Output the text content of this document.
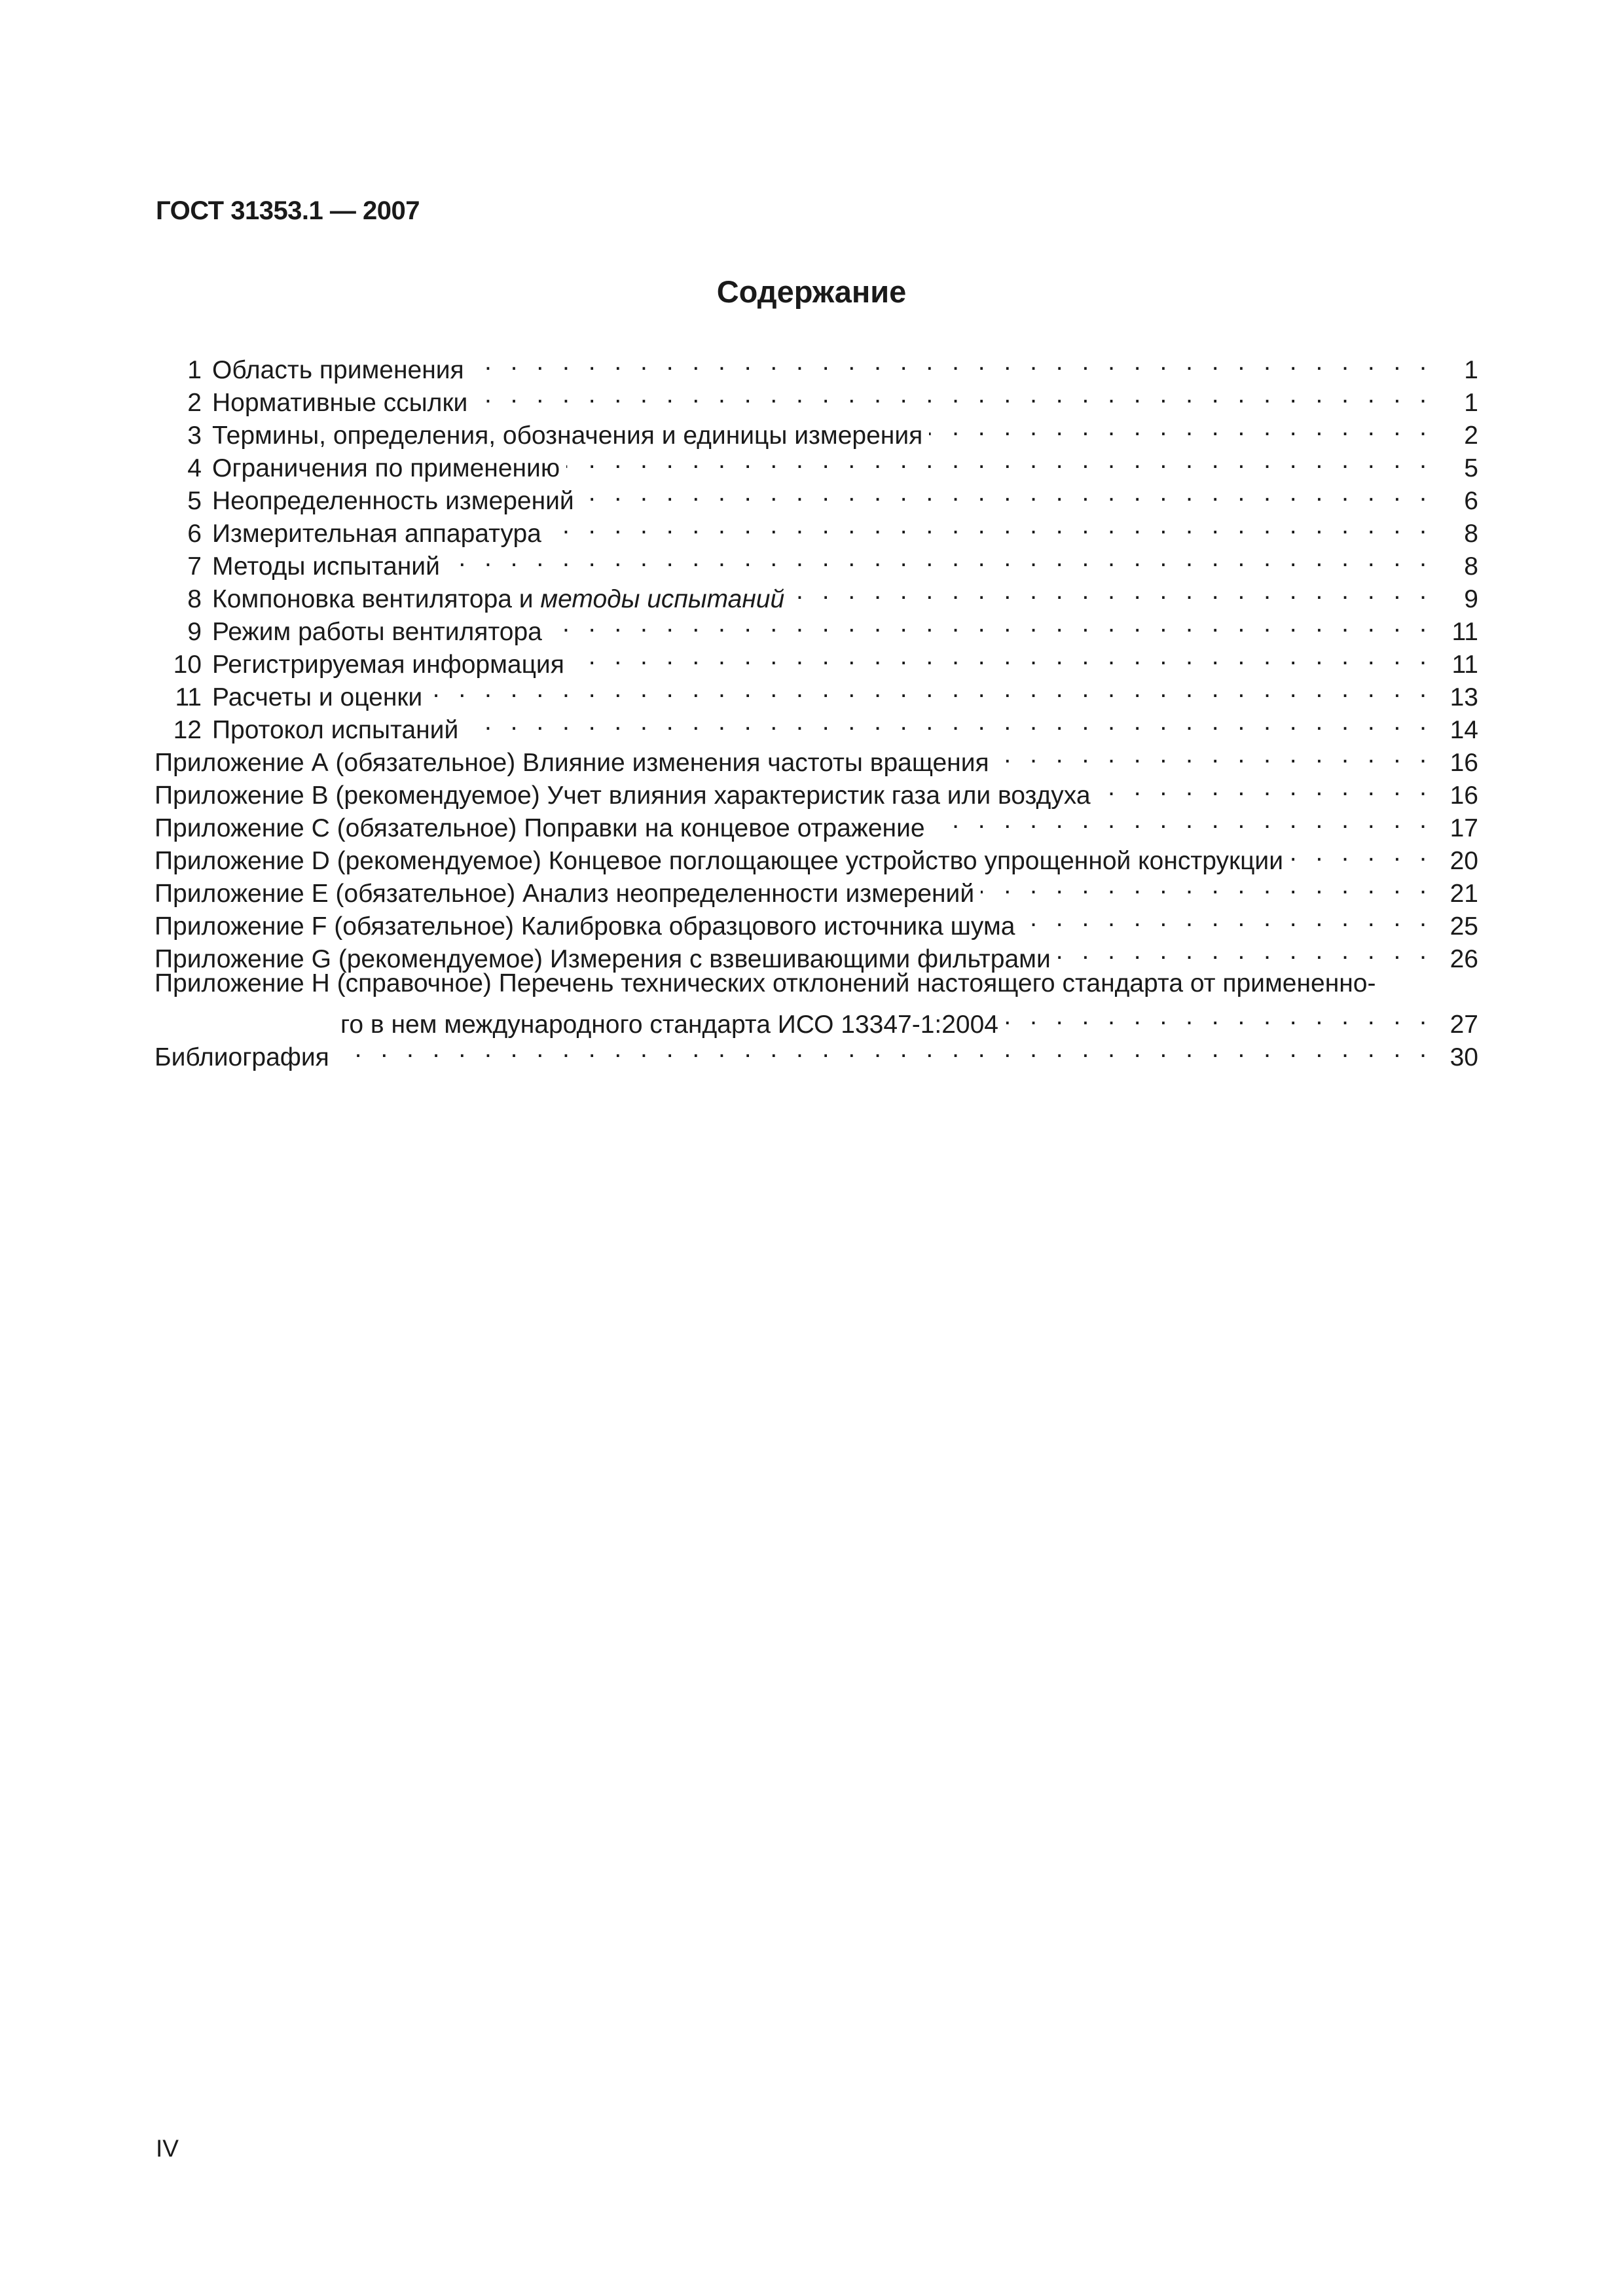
ГОСТ 31353.1 — 2007
Содержание
1 Область применения . . .	1
2 Нормативные ссылки . . .	1
3 Термины, определения, обозначения и единицы измерения . . .	2
4 Ограничения по применению . . .	5
5 Неопределенность измерений . . .	6
6 Измерительная аппаратура . . .	8
7 Методы испытаний . . .	8
8 Компоновка вентилятора и методы испытаний . . .	9
9 Режим работы вентилятора . . .	11
10 Регистрируемая информация . . .	11
11 Расчеты и оценки . . .	13
12 Протокол испытаний . . .	14
Приложение А (обязательное) Влияние изменения частоты вращения . . .	16
Приложение В (рекомендуемое) Учет влияния характеристик газа или воздуха . . .	16
Приложение С (обязательное) Поправки на концевое отражение . . .	17
Приложение D (рекомендуемое) Концевое поглощающее устройство упрощенной конструкции . . .	20
Приложение Е (обязательное) Анализ неопределенности измерений . . .	21
Приложение F (обязательное) Калибровка образцового источника шума . . .	25
Приложение G (рекомендуемое) Измерения с взвешивающими фильтрами . . .	26
Приложение Н (справочное) Перечень технических отклонений настоящего стандарта от примененно-
го в нем международного стандарта ИСО 13347-1:2004 . . .	27
Библиография . . .	30
IV
